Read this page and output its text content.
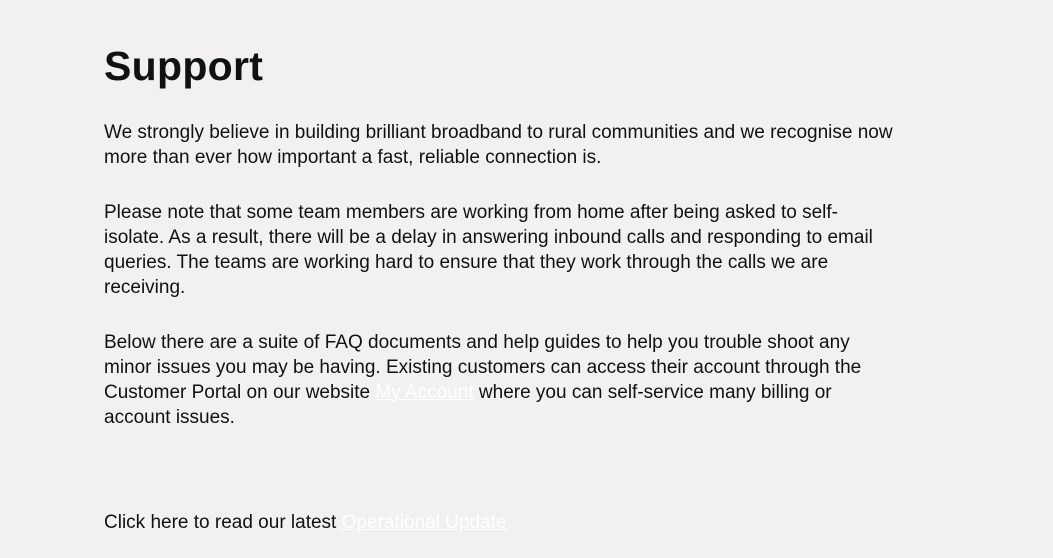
Support

We strongly believe in building brilliant broadband to rural communities and we recognise now more than ever how important a fast, reliable connection is.

Please note that some team members are working from home after being asked to self-isolate. As a result, there will be a delay in answering inbound calls and responding to email queries. The teams are working hard to ensure that they work through the calls we are receiving.

Below there are a suite of FAQ documents and help guides to help you trouble shoot any minor issues you may be having. Existing customers can access their account through the Customer Portal on our website My Account where you can self-service many billing or account issues.

Click here to read our latest Operational Update
